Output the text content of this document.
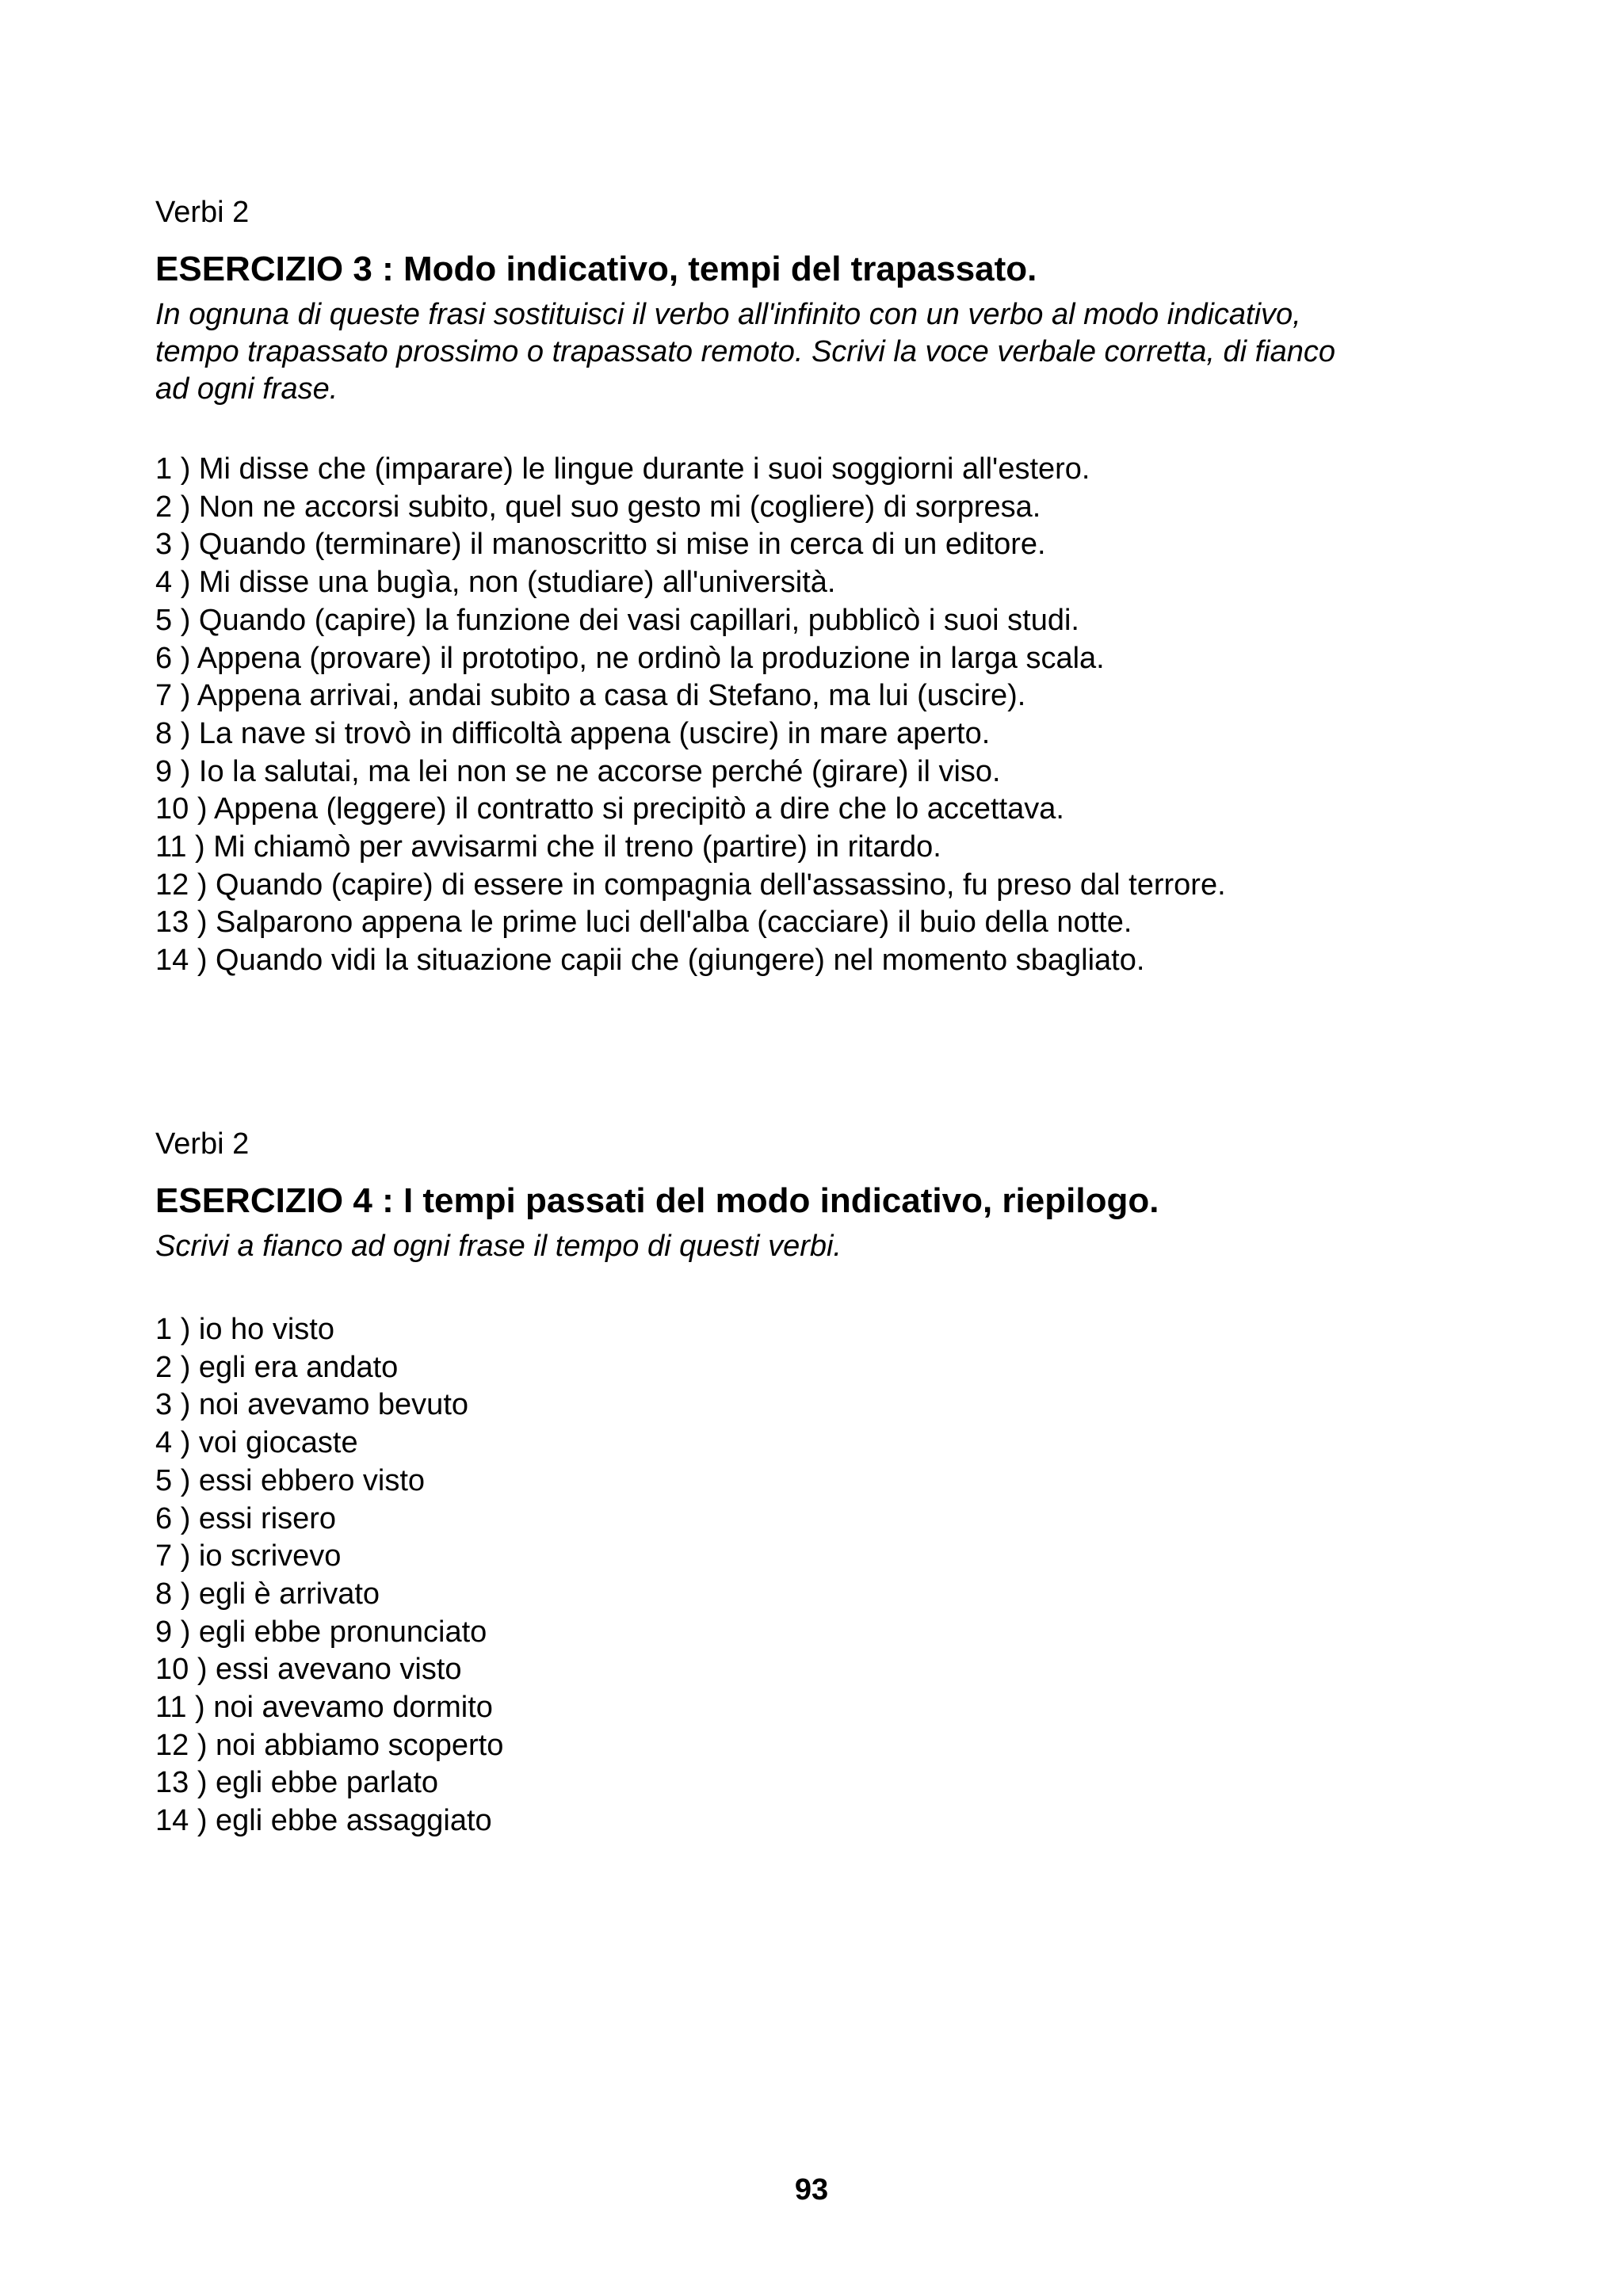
Verbi 2

ESERCIZIO 3 : Modo indicativo, tempi del trapassato.
In ognuna di queste frasi sostituisci il verbo all'infinito con un verbo al modo indicativo,
tempo trapassato prossimo o trapassato remoto. Scrivi la voce verbale corretta, di fianco
ad ogni frase.
1 ) Mi disse che (imparare) le lingue durante i suoi soggiorni all'estero.
2 ) Non ne accorsi subito, quel suo gesto mi (cogliere) di sorpresa.
3 ) Quando (terminare) il manoscritto si mise in cerca di un editore.
4 ) Mi disse una bugìa, non (studiare) all'università.
5 ) Quando (capire) la funzione dei vasi capillari, pubblicò i suoi studi.
6 ) Appena (provare) il prototipo, ne ordinò la produzione in larga scala.
7 ) Appena arrivai, andai subito a casa di Stefano, ma lui (uscire).
8 ) La nave si trovò in difficoltà appena (uscire) in mare aperto.
9 ) Io la salutai, ma lei non se ne accorse perché (girare) il viso.
10 ) Appena (leggere) il contratto si precipitò a dire che lo accettava.
11 ) Mi chiamò per avvisarmi che il treno (partire) in ritardo.
12 ) Quando (capire) di essere in compagnia dell'assassino, fu preso dal terrore.
13 ) Salparono appena le prime luci dell'alba (cacciare) il buio della notte.
14 ) Quando vidi la situazione capii che (giungere) nel momento sbagliato.

Verbi 2

ESERCIZIO 4 : I tempi passati del modo indicativo, riepilogo.
Scrivi a fianco ad ogni frase il tempo di questi verbi.
1 ) io ho visto
2 ) egli era andato
3 ) noi avevamo bevuto
4 ) voi giocaste
5 ) essi ebbero visto
6 ) essi risero
7 ) io scrivevo
8 ) egli è arrivato
9 ) egli ebbe pronunciato
10 ) essi avevano visto
11 ) noi avevamo dormito
12 ) noi abbiamo scoperto
13 ) egli ebbe parlato
14 ) egli ebbe assaggiato
93
